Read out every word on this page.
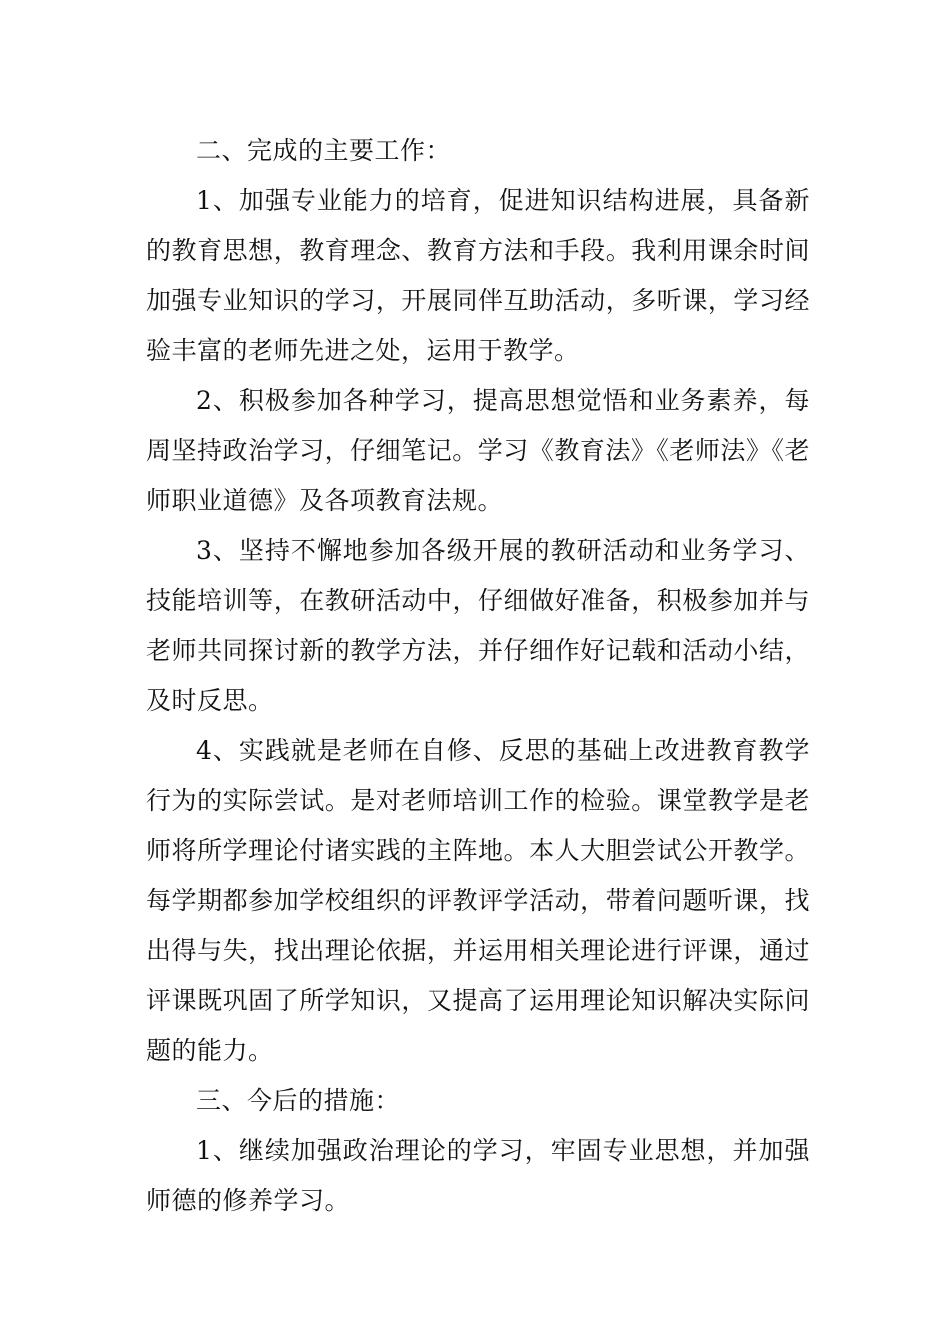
二、完成的主要工作：

1、加强专业能力的培育，促进知识结构进展，具备新的教育思想，教育理念、教育方法和手段。我利用课余时间加强专业知识的学习，开展同伴互助活动，多听课，学习经验丰富的老师先进之处，运用于教学。

2、积极参加各种学习，提高思想觉悟和业务素养，每周坚持政治学习，仔细笔记。学习《教育法》《老师法》《老师职业道德》及各项教育法规。

3、坚持不懈地参加各级开展的教研活动和业务学习、技能培训等，在教研活动中，仔细做好准备，积极参加并与老师共同探讨新的教学方法，并仔细作好记载和活动小结，及时反思。

4、实践就是老师在自修、反思的基础上改进教育教学行为的实际尝试。是对老师培训工作的检验。课堂教学是老师将所学理论付诸实践的主阵地。本人大胆尝试公开教学。每学期都参加学校组织的评教评学活动，带着问题听课，找出得与失，找出理论依据，并运用相关理论进行评课，通过评课既巩固了所学知识，又提高了运用理论知识解决实际问题的能力。

三、今后的措施：

1、继续加强政治理论的学习，牢固专业思想，并加强师德的修养学习。
